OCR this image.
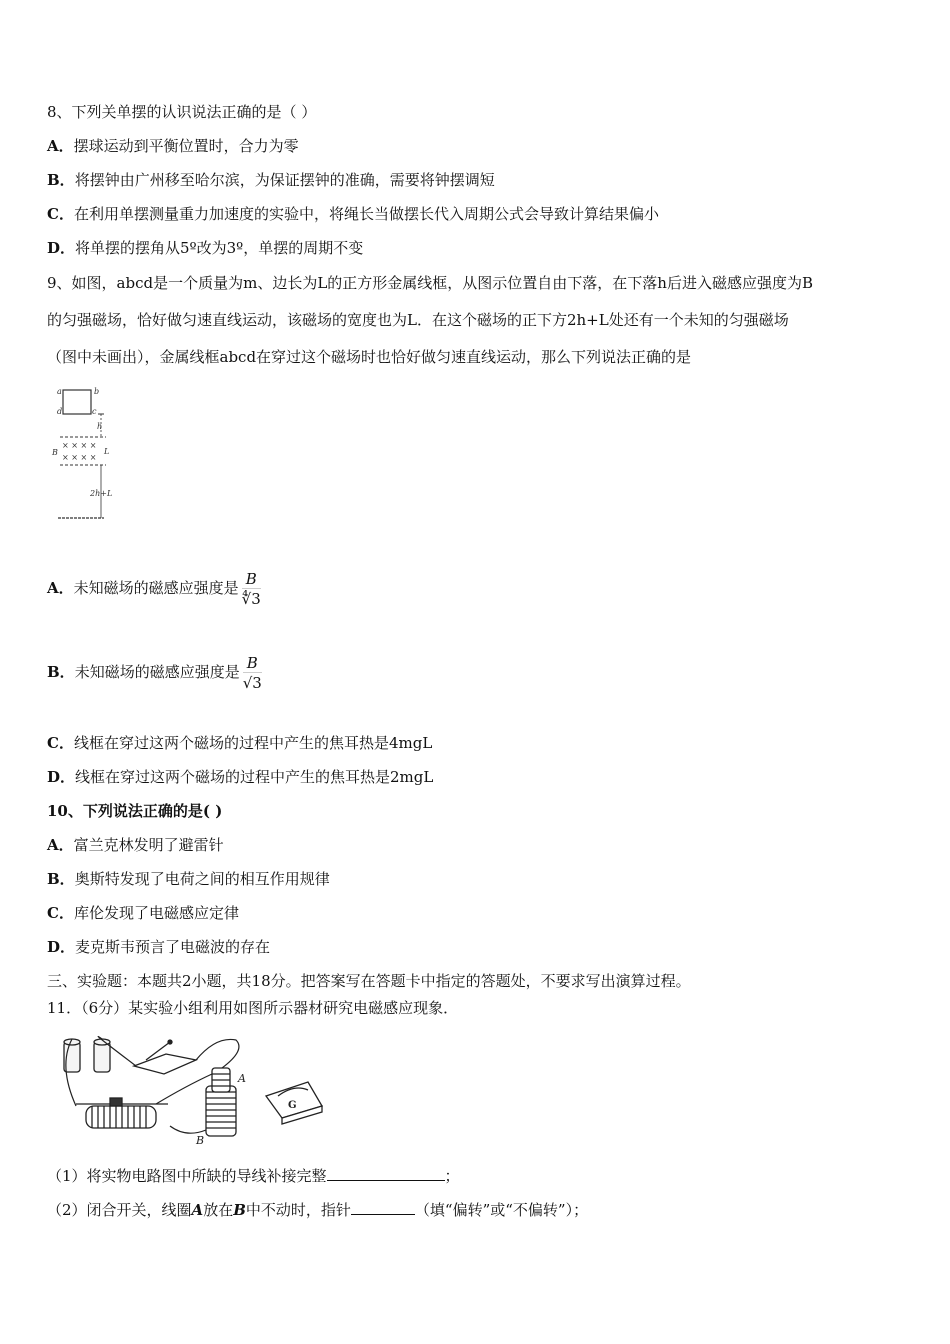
8、下列关单摆的认识说法正确的是（ ）
A．摆球运动到平衡位置时，合力为零
B．将摆钟由广州移至哈尔滨，为保证摆钟的准确，需要将钟摆调短
C．在利用单摆测量重力加速度的实验中，将绳长当做摆长代入周期公式会导致计算结果偏小
D．将单摆的摆角从5º改为3º，单摆的周期不变
9、如图，abcd是一个质量为m、边长为L的正方形金属线框，从图示位置自由下落，在下落h后进入磁感应强度为B
的匀强磁场，恰好做匀速直线运动，该磁场的宽度也为L．在这个磁场的正下方2h+L处还有一个未知的匀强磁场
（图中未画出），金属线框abcd在穿过这个磁场时也恰好做匀速直线运动，那么下列说法正确的是
a	b
d	c
h
× × × ×
× × × ×
B	L
2h+L
A．未知磁场的磁感应强度是 $\frac{B}{∜3}$
B．未知磁场的磁感应强度是 $\frac{B}{√3}$
C．线框在穿过这两个磁场的过程中产生的焦耳热是4mgL
D．线框在穿过这两个磁场的过程中产生的焦耳热是2mgL
10、下列说法正确的是( )
A．富兰克林发明了避雷针
B．奥斯特发现了电荷之间的相互作用规律
C．库伦发现了电磁感应定律
D．麦克斯韦预言了电磁波的存在
三、实验题：本题共2小题，共18分。把答案写在答题卡中指定的答题处，不要求写出演算过程。
11．（6分）某实验小组利用如图所示器材研究电磁感应现象．
A
B
G
（1）将实物电路图中所缺的导线补接完整	；
（2）闭合开关，线圈A放在B中不动时，指针	（填“偏转”或“不偏转”）；
